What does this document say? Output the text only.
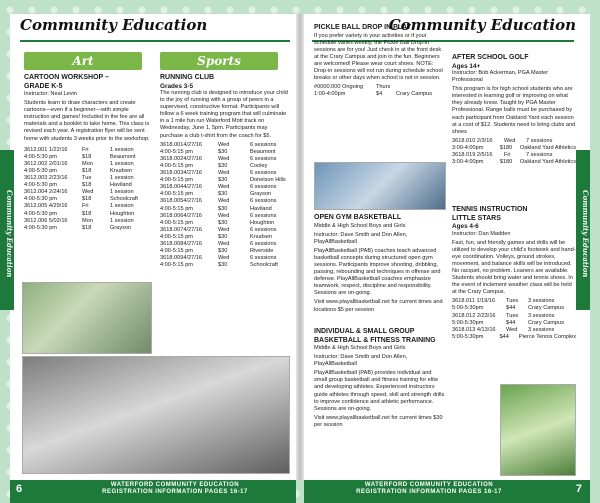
Community Education
Community Education
Art	Sports
CARTOON WORKSHOP –
GRADE K-5

Instructor: Neal Levin

Students learn to draw characters and create cartoons—even if a beginner—with simple instruction and games! Included in the fee are all materials and a booklet to take home. This class is revised each year. A registration flyer will be sent home with students 3 weeks prior to the workshop.

3612.001 1/22/16	Fri	1 session
4:00-5:30 pm	$18	Beaumont
3612.002 2/01/16	Mon	1 session
4:00-5:30 pm	$18	Knudsen
3612.003 2/23/16	Tue	1 session
4:00-5:30 pm	$18	Haviland
3612.004 2/24/16	Wed	1 session
4:00-5:30 pm	$18	Schoolcraft
3612.005 4/29/16	Fri	1 session
4:00-5:30 pm	$18	Houghton
3612.006 5/02/16	Mon	1 session
4:00-5:30 pm	$18	Grayson
RUNNING CLUB
Grades 3-5

The running club is designed to introduce your child to the joy of running with a group of peers in a supervised, constructive format. Participants will follow a 6 week training program that will culminate in a 1 mile fun run Waterford Mott track on Wednesday, June 1, 5pm. Participants may purchase a club t-shirt from the coach for $5.

3618.0014/27/16	Wed	6 sessions
4:00-5:15 pm	$30	Beaumont
3618.0024/27/16	Wed	6 sessions
4:00-5:15 pm	$30	Cooley
3618.0034/27/16	Wed	6 sessions
4:00-5:15 pm	$30	Donelson Hills
3618.0044/27/16	Wed	6 sessions
4:00-5:15 pm	$30	Grayson
3618.0054/27/16	Wed	6 sessions
4:00-5:15 pm	$30	Haviland
3618.0064/27/16	Wed	6 sessions
4:00-5:15 pm	$30	Houghton
3618.0074/27/16	Wed	6 sessions
4:00-5:15 pm	$30	Knudsen
3618.0084/27/16	Wed	6 sessions
4:00-5:15 pm	$30	Riverside
3618.0094/27/16	Wed	6 sessions
4:00-5:15 pm	$30	Schoolcraft
Community Education
Community Education
PICKLE BALL DROP IN PLAY

If you prefer variety in your activities or if your schedule varies weekly, the Pickle Ball Drop-in sessions are for you! Just check in at the front desk at the Crary Campus and join in the fun. Beginners are welcomed! Please wear court shoes. NOTE: Drop-in sessions will not run during schedule school breaks or other days when school is not in session.

#0000.000 Ongoing	Thurs
1:00-4:00pm	$4	Crary Campus
OPEN GYM BASKETBALL

Middle & High School Boys and Girls

Instructor: Dave Smith and Don Allen, PlayAllBasketball

PlayAllBasketball (PAB) coaches teach advanced basketball concepts during structured open gym sessions. Participants improve shooting, dribbling, passing, rebounding and techniques in offense and defense. PlayAllBasketball coaches emphasize teamwork, respect, discipline and responsibility. Sessions are on-going.

Visit www.playallbasketball.net for current times and locations $5 per session

INDIVIDUAL & SMALL GROUP
BASKETBALL & FITNESS TRAINING

Middle & High School Boys and Girls

Instructor: Dave Smith and Don Allen, PlayAllBasketball

PlayAllBasketball (PAB) provides individual and small group basketball and fitness training for elite and developing athletes. Experienced instructors guide athletes through speed, skill and strength drills to improve confidence and athletic performance. Sessions are on-going.

Visit www.playallbasketball.net for current times $30 per session

AFTER SCHOOL GOLF
Ages 14+

Instructor: Bob Ackerman, PGA Master Professional

This program is for high school students who are interested in learning golf or improving on what they already know. Taught by PGA Master Professional. Range balls must be purchased by each participant from Oakland Yard each session at a cost of $12. Students need to bring clubs and shoes

3618.010 2/3/16	Wed	7 sessions
3:00-4:00pm	$180	Oakland Yard Athletics
3618.019 2/5/16	Fri	7 sessions
3:00-4:00pm	$180	Oakland Yard Athletics
TENNIS INSTRUCTION
LITTLE STARS
Ages 4-6

Instructor: Dan Madden

Fast, fun, and friendly games and drills will be utilized to develop your child's footwork and hand-eye coordination. Volleys, ground strokes, movement, and balance skills will be introduced. No racquet, no problem. Loaners are available. Students should bring water and tennis shoes. In the event of inclement weather class will be held at the Crary Campus.

3618.011 1/19/16	Tues	3 sessions
5:00-5:30pm	$44	Crary Campus
3618.012 2/23/16	Tues	3 sessions
5:00-5:30pm	$44	Crary Campus
3618.013 4/13/16	Wed	3 sessions
5:00-5:30pm	$44	Pierce Tennis Complex
6	7
WATERFORD COMMUNITY EDUCATION
REGISTRATION INFORMATION PAGES 16-17
WATERFORD COMMUNITY EDUCATION
REGISTRATION INFORMATION PAGES 16-17
